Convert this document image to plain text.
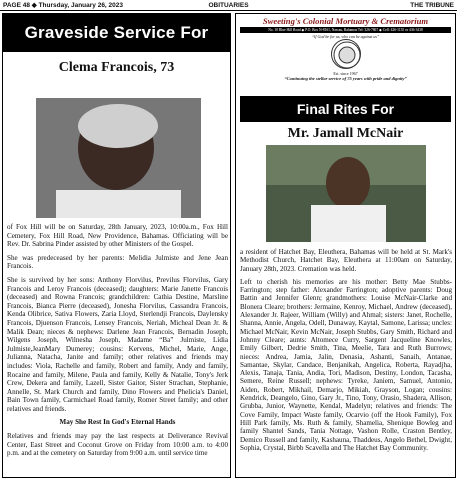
PAGE 48 ◆ Thursday, January 26, 2023	OBITUARIES	THE TRIBUNE
Graveside Service For
Clema Francois, 73

of Fox Hill will be on Saturday, 28th January, 2023, 10:00a.m., Fox Hill Cemetery, Fox Hill Road, New Providence, Bahamas. Officiating will be Rev. Dr. Sabrina Pinder assisted by other Ministers of the Gospel.

She was predeceased by her parents: Melidia Julmiste and Jene Jean Francois.

She is survived by her sons: Anthony Florvilus, Previlus Florvilus, Gary Francois and Leroy Francois (deceased); daughters: Marie Janette Francois (deceased) and Rowna Francois; grandchildren: Cathia Destine, Marsline Francois, Bianca Pierre (deceased), Jonesha Florvilus, Cassandra Francois, Kenda Olibrice, Sativa Flowers, Zaria Lloyd, Sterlendji Francois, Daylensky Francois, Djuenson Francois, Lensey Francois, Neriah, Micheal Dean Jr. & Malik Dean; nieces & nephews: Darlene Jean Francois, Bernadin Joseph, Wilgens Joseph, Wilnesha Joseph, Madame “Ba” Julmiste, Lidia Julmiste,JeanMary Dumerey; cousins: Kervens, Michel, Marie, Ange, Julianna, Natacha, Janite and family; other relatives and friends may includes: Viola, Rachelle and family, Robert and family, Andy and family, Rocaine and family, Milene, Paula and family, Kelly & Natalie, Tony's Jerk Crew, Dekera and family, Lazell, Sister Gaitor, Sister Strachan, Stephanie, Annelle, St. Mark Church and family, Dino Flowers and Phelicia's Daniel, Bain Town family, Carmichael Road family, Romer Street family; and other relatives and friends.

May She Rest In God's Eternal Hands

Relatives and friends may pay the last respects at Deliverance Revival Center, East Street and Coconut Grove on Friday from 10:00 a.m. to 4:00 p.m. and at the cemetery on Saturday from 9:00 a.m. until service time

Sweeting's Colonial Mortuary & Crematorium
No. 10 Blue Hill Road ◆ P.O. Box N-8161, Nassau, Bahamas Tel: 326-7867 ◆ Cell: 426-1155 or 436-3438
“If God be for us, who can be against us”
Est. since 1967
“Continuing the stellar service of 75 years with pride and dignity”
Final Rites For
Mr. Jamall McNair

a resident of Hatchet Bay, Eleuthera, Bahamas will be held at St. Mark's Methodist Church, Hatchet Bay, Eleuthera at 11:00am on Saturday, January 28th, 2023. Cremation was held.

Left to cherish his memories are his mother: Betty Mae Stubbs-Farrington; step father: Alexander Farrington; adoptive parents: Doug Battin and Jennifer Glenn; grandmothers: Louise McNair-Clarke and Blonera Cleare; brothers: Jermaine, Kenroy, Michael, Andrew (deceased), Alexander Jr. Rajeer, William (Willy) and Ahmal; sisters: Janet, Rochelle, Shanna, Annie, Angela, Odell, Dunaway, Kaytal, Samone, Larissa; uncles: Michael McNair, Kevin McNair, Joseph Stubbs, Gary Smith, Richard and Johnny Cleare; aunts: Altomece Curry, Sargent Jacqueline Knowles, Emily Gilbert, Dedrie Smith, Tina, Meelie, Tara and Ruth Burrows; nieces: Andrea, Jamia, Jalin, Denasia, Ashanti, Sanaih, Antanae, Samantae, Skylar, Candace, Benjanikah, Angelica, Roberta, Rayadjha, Alexis, Tanaja, Tania, Andia, Tori, Madison, Destiny, London, Tacasha, Semere, Reine Russell; nephews: Tyreke, Janiem, Samuel, Antonio, Aiden, Robert, Mikhail, Demarjo, Mikiah, Grayson, Logan; cousins: Kendrick, Deangelo, Gino, Gary Jr., Tino, Tony, Orasio, Shadera, Allison, Grubba, Junior, Waynette, Kendal, Madelyn; relatives and friends: The Cove Family, Impact Waste family, Ocarvio (off the Hook Family), Fox Hill Park family, Ms. Ruth & family, Shamelia, Shenique Bowleg and family Shantel Sands, Tania Nottage, Vashon Rolle, Craston Bentley, Demico Russell and family, Kashauna, Thaddeus, Angelo Bethel, Dwight, Sophia, Crystal, Birbb Scavella and The Hatchet Bay Community.
